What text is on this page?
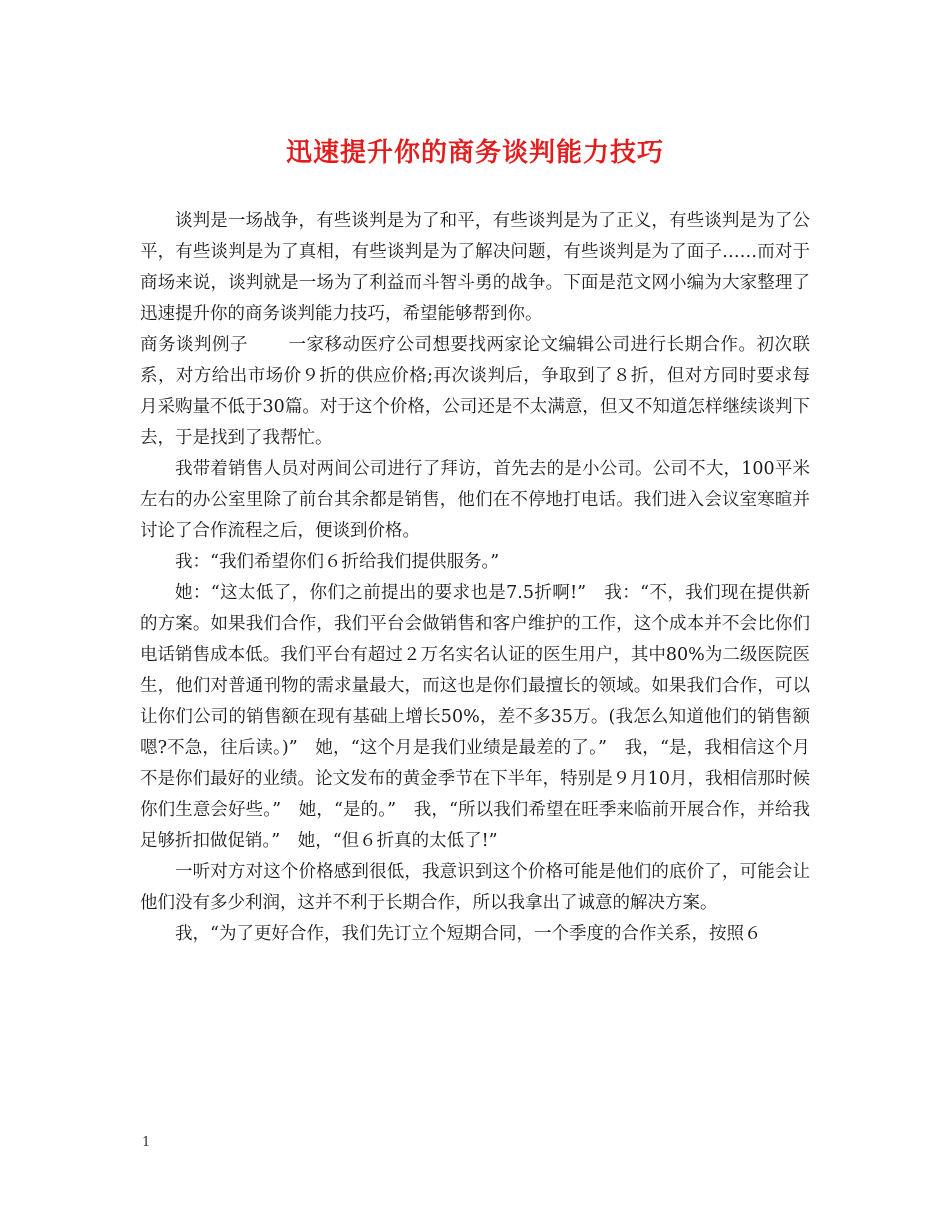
迅速提升你的商务谈判能力技巧

谈判是一场战争，有些谈判是为了和平，有些谈判是为了正义，有些谈判是为了公平，有些谈判是为了真相，有些谈判是为了解决问题，有些谈判是为了面子……而对于商场来说，谈判就是一场为了利益而斗智斗勇的战争。下面是范文网小编为大家整理了迅速提升你的商务谈判能力技巧，希望能够帮到你。

商务谈判例子 一家移动医疗公司想要找两家论文编辑公司进行长期合作。初次联系，对方给出市场价９折的供应价格;再次谈判后，争取到了８折，但对方同时要求每月采购量不低于30篇。对于这个价格，公司还是不太满意，但又不知道怎样继续谈判下去，于是找到了我帮忙。

我带着销售人员对两间公司进行了拜访，首先去的是小公司。公司不大，100平米左右的办公室里除了前台其余都是销售，他们在不停地打电话。我们进入会议室寒暄并讨论了合作流程之后，便谈到价格。

我：“我们希望你们６折给我们提供服务。”

她：“这太低了，你们之前提出的要求也是7.5折啊!”　我：“不，我们现在提供新的方案。如果我们合作，我们平台会做销售和客户维护的工作，这个成本并不会比你们电话销售成本低。我们平台有超过２万名实名认证的医生用户，其中80%为二级医院医生，他们对普通刊物的需求量最大，而这也是你们最擅长的领域。如果我们合作，可以让你们公司的销售额在现有基础上增长50%，差不多35万。(我怎么知道他们的销售额嗯?不急，往后读。)”　她，“这个月是我们业绩是最差的了。”　我，“是，我相信这个月不是你们最好的业绩。论文发布的黄金季节在下半年，特别是９月10月，我相信那时候你们生意会好些。”　她，“是的。”　我，“所以我们希望在旺季来临前开展合作，并给我足够折扣做促销。”　她，“但６折真的太低了!”

一听对方对这个价格感到很低，我意识到这个价格可能是他们的底价了，可能会让他们没有多少利润，这并不利于长期合作，所以我拿出了诚意的解决方案。

我，“为了更好合作，我们先订立个短期合同，一个季度的合作关系，按照６

1
